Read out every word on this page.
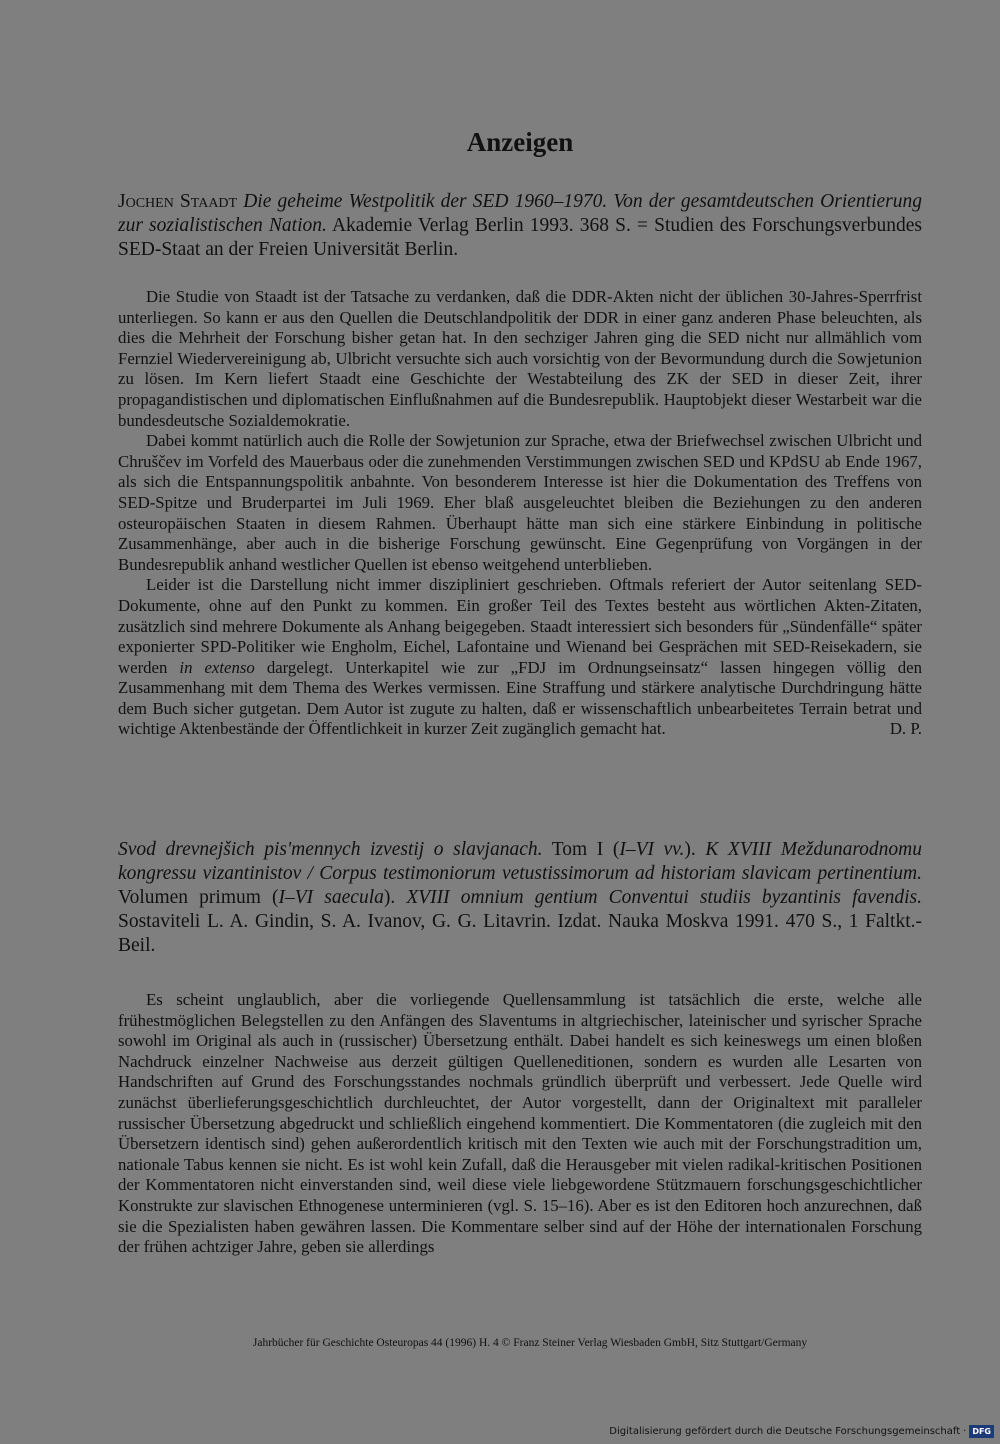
Anzeigen
Jochen Staadt Die geheime Westpolitik der SED 1960–1970. Von der gesamtdeutschen Orientierung zur sozialistischen Nation. Akademie Verlag Berlin 1993. 368 S. = Studien des Forschungsverbundes SED-Staat an der Freien Universität Berlin.

Die Studie von Staadt ist der Tatsache zu verdanken, daß die DDR-Akten nicht der üblichen 30-Jahres-Sperrfrist unterliegen. So kann er aus den Quellen die Deutschlandpolitik der DDR in einer ganz anderen Phase beleuchten, als dies die Mehrheit der Forschung bisher getan hat. In den sechziger Jahren ging die SED nicht nur allmählich vom Fernziel Wiedervereinigung ab, Ulbricht versuchte sich auch vorsichtig von der Bevormundung durch die Sowjetunion zu lösen. Im Kern liefert Staadt eine Geschichte der Westabteilung des ZK der SED in dieser Zeit, ihrer propagandistischen und diplomatischen Einflußnahmen auf die Bundesrepublik. Hauptobjekt dieser Westarbeit war die bundesdeutsche Sozialdemokratie.

Dabei kommt natürlich auch die Rolle der Sowjetunion zur Sprache, etwa der Briefwechsel zwischen Ulbricht und Chruščev im Vorfeld des Mauerbaus oder die zunehmenden Verstimmungen zwischen SED und KPdSU ab Ende 1967, als sich die Entspannungspolitik anbahnte. Von besonderem Interesse ist hier die Dokumentation des Treffens von SED-Spitze und Bruderpartei im Juli 1969. Eher blaß ausgeleuchtet bleiben die Beziehungen zu den anderen osteuropäischen Staaten in diesem Rahmen. Überhaupt hätte man sich eine stärkere Einbindung in politische Zusammenhänge, aber auch in die bisherige Forschung gewünscht. Eine Gegenprüfung von Vorgängen in der Bundesrepublik anhand westlicher Quellen ist ebenso weitgehend unterblieben.

Leider ist die Darstellung nicht immer diszipliniert geschrieben. Oftmals referiert der Autor seitenlang SED-Dokumente, ohne auf den Punkt zu kommen. Ein großer Teil des Textes besteht aus wörtlichen Akten-Zitaten, zusätzlich sind mehrere Dokumente als Anhang beigegeben. Staadt interessiert sich besonders für „Sündenfälle“ später exponierter SPD-Politiker wie Engholm, Eichel, Lafontaine und Wienand bei Gesprächen mit SED-Reisekadern, sie werden in extenso dargelegt. Unterkapitel wie zur „FDJ im Ordnungseinsatz“ lassen hingegen völlig den Zusammenhang mit dem Thema des Werkes vermissen. Eine Straffung und stärkere analytische Durchdringung hätte dem Buch sicher gutgetan. Dem Autor ist zugute zu halten, daß er wissenschaftlich unbearbeitetes Terrain betrat und wichtige Aktenbestände der Öffentlichkeit in kurzer Zeit zugänglich gemacht hat.	D. P.

Svod drevnejšich pis'mennych izvestij o slavjanach. Tom I (I–VI vv.). K XVIII Meždunarodnomu kongressu vizantinistov / Corpus testimoniorum vetustissimorum ad historiam slavicam pertinentium. Volumen primum (I–VI saecula). XVIII omnium gentium Conventui studiis byzantinis favendis. Sostaviteli L. A. Gindin, S. A. Ivanov, G. G. Litavrin. Izdat. Nauka Moskva 1991. 470 S., 1 Faltkt.-Beil.

Es scheint unglaublich, aber die vorliegende Quellensammlung ist tatsächlich die erste, welche alle frühestmöglichen Belegstellen zu den Anfängen des Slaventums in altgriechischer, lateinischer und syrischer Sprache sowohl im Original als auch in (russischer) Übersetzung enthält. Dabei handelt es sich keineswegs um einen bloßen Nachdruck einzelner Nachweise aus derzeit gültigen Quelleneditionen, sondern es wurden alle Lesarten von Handschriften auf Grund des Forschungsstandes nochmals gründlich überprüft und verbessert. Jede Quelle wird zunächst überlieferungsgeschichtlich durchleuchtet, der Autor vorgestellt, dann der Originaltext mit paralleler russischer Übersetzung abgedruckt und schließlich eingehend kommentiert. Die Kommentatoren (die zugleich mit den Übersetzern identisch sind) gehen außerordentlich kritisch mit den Texten wie auch mit der Forschungstradition um, nationale Tabus kennen sie nicht. Es ist wohl kein Zufall, daß die Herausgeber mit vielen radikal-kritischen Positionen der Kommentatoren nicht einverstanden sind, weil diese viele liebgewordene Stützmauern forschungsgeschichtlicher Konstrukte zur slavischen Ethnogenese unterminieren (vgl. S. 15–16). Aber es ist den Editoren hoch anzurechnen, daß sie die Spezialisten haben gewähren lassen. Die Kommentare selber sind auf der Höhe der internationalen Forschung der frühen achtziger Jahre, geben sie allerdings

Jahrbücher für Geschichte Osteuropas 44 (1996) H. 4 © Franz Steiner Verlag Wiesbaden GmbH, Sitz Stuttgart/Germany
Digitalisierung gefördert durch die Deutsche Forschungsgemeinschaft · DFG
